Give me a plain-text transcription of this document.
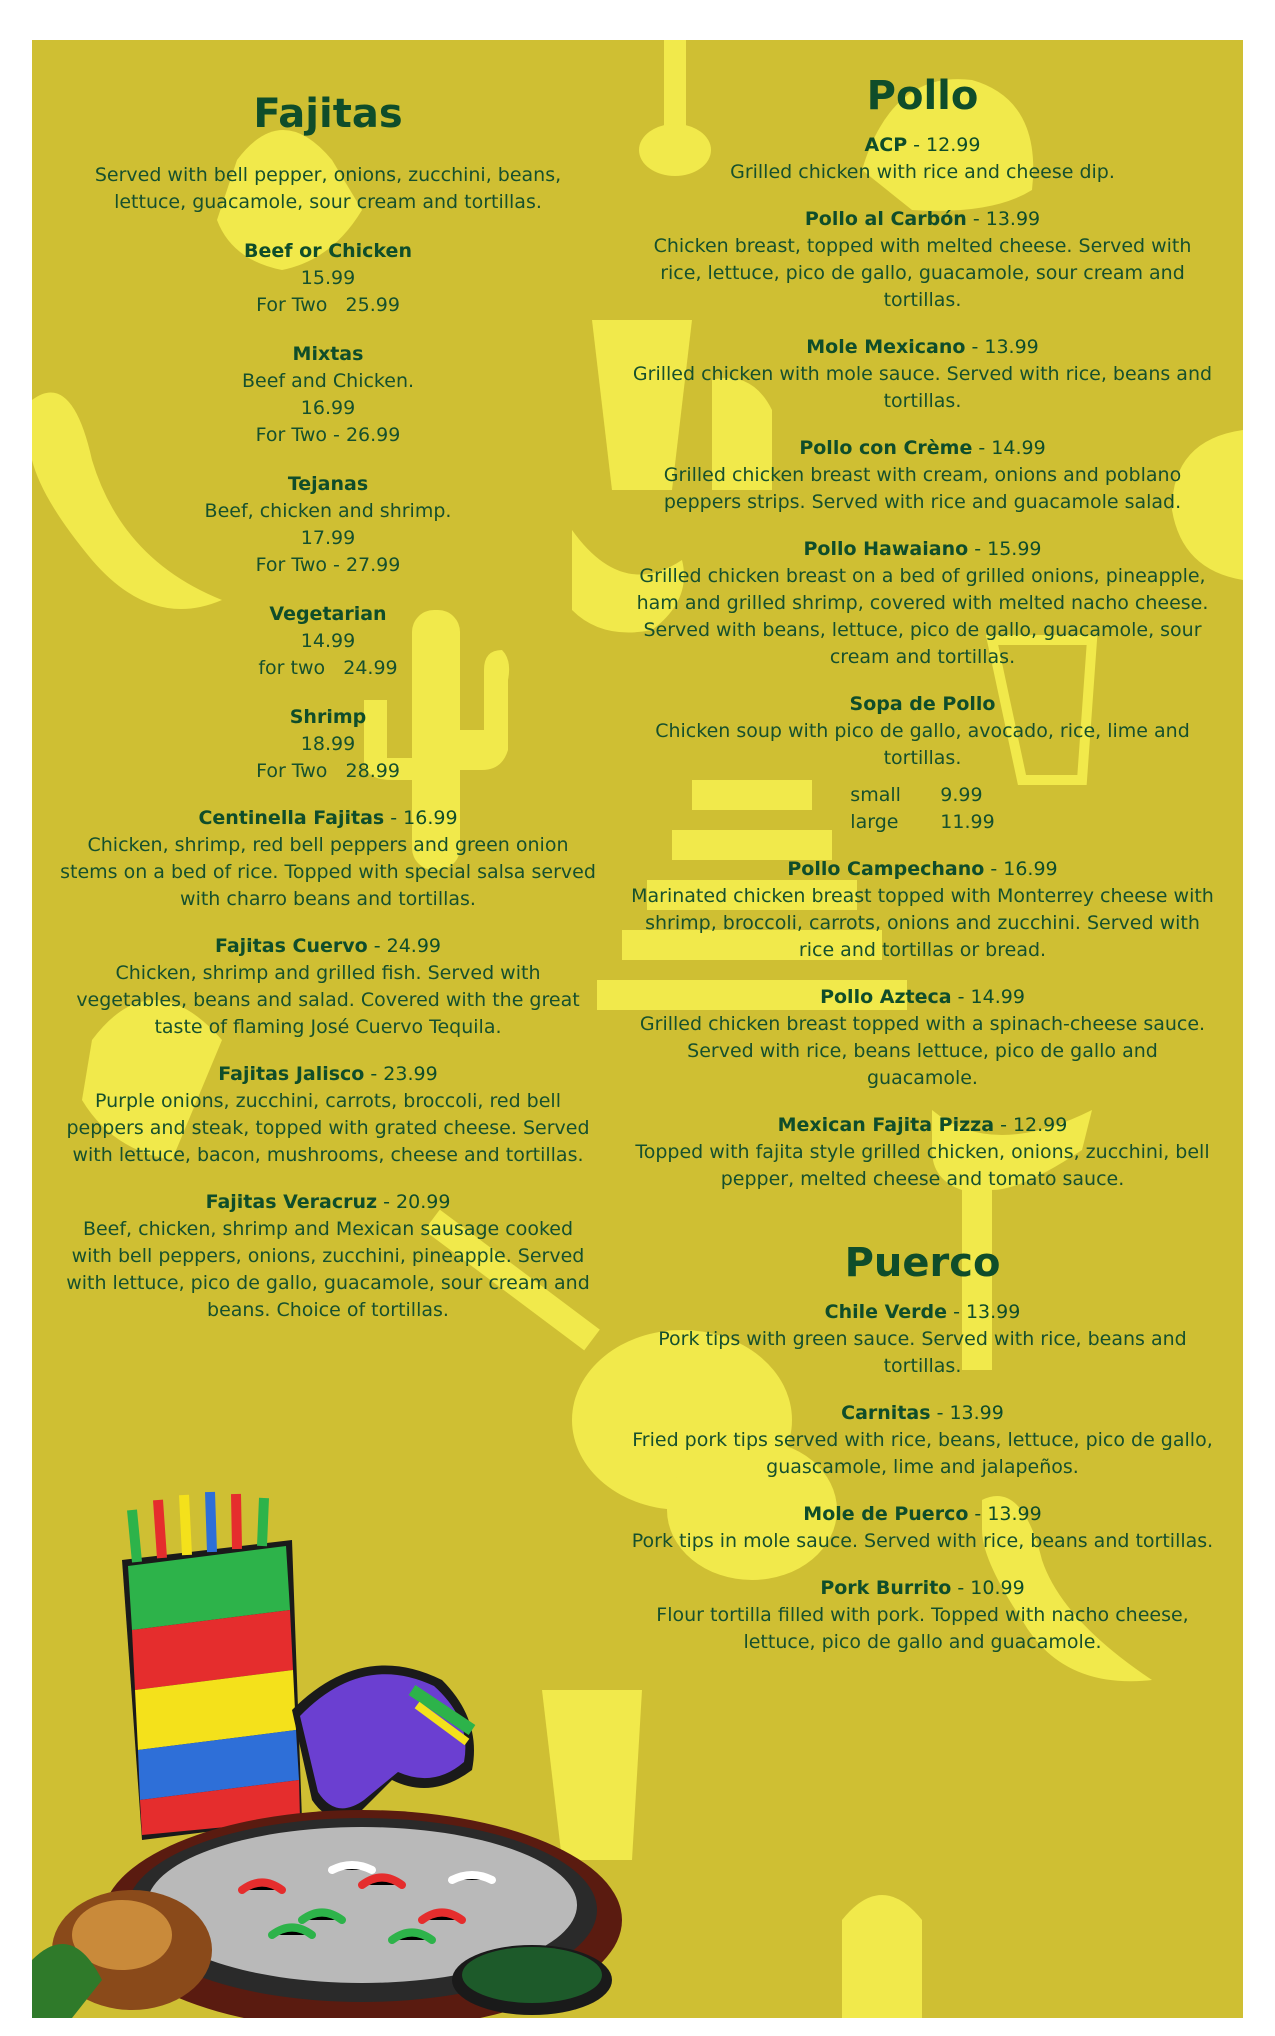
Fajitas
Served with bell pepper, onions, zucchini, beans, lettuce, guacamole, sour cream and tortillas.
Beef or Chicken
15.99
For Two   25.99
Mixtas
Beef and Chicken.
16.99
For Two - 26.99
Tejanas
Beef, chicken and shrimp.
17.99
For Two - 27.99
Vegetarian
14.99
for two   24.99
Shrimp
18.99
For Two   28.99
Centinella Fajitas - 16.99
Chicken, shrimp, red bell peppers and green onion stems on a bed of rice. Topped with special salsa served with charro beans and tortillas.
Fajitas Cuervo - 24.99
Chicken, shrimp and grilled fish. Served with vegetables, beans and salad. Covered with the great taste of flaming José Cuervo Tequila.
Fajitas Jalisco - 23.99
Purple onions, zucchini, carrots, broccoli, red bell peppers and steak, topped with grated cheese. Served with lettuce, bacon, mushrooms, cheese and tortillas.
Fajitas Veracruz - 20.99
Beef, chicken, shrimp and Mexican sausage cooked with bell peppers, onions, zucchini, pineapple. Served with lettuce, pico de gallo, guacamole, sour cream and beans. Choice of tortillas.
Pollo
ACP - 12.99
Grilled chicken with rice and cheese dip.
Pollo al Carbón - 13.99
Chicken breast, topped with melted cheese. Served with rice, lettuce, pico de gallo, guacamole, sour cream and tortillas.
Mole Mexicano - 13.99
Grilled chicken with mole sauce. Served with rice, beans and tortillas.
Pollo con Crème - 14.99
Grilled chicken breast with cream, onions and poblano peppers strips. Served with rice and guacamole salad.
Pollo Hawaiano - 15.99
Grilled chicken breast on a bed of grilled onions, pineapple, ham and grilled shrimp, covered with melted nacho cheese. Served with beans, lettuce, pico de gallo, guacamole, sour cream and tortillas.
Sopa de Pollo
Chicken soup with pico de gallo, avocado, rice, lime and tortillas.
small 9.99
large 11.99
Pollo Campechano - 16.99
Marinated chicken breast topped with Monterrey cheese with shrimp, broccoli, carrots, onions and zucchini. Served with rice and tortillas or bread.
Pollo Azteca - 14.99
Grilled chicken breast topped with a spinach-cheese sauce. Served with rice, beans lettuce, pico de gallo and guacamole.
Mexican Fajita Pizza - 12.99
Topped with fajita style grilled chicken, onions, zucchini, bell pepper, melted cheese and tomato sauce.
Puerco
Chile Verde - 13.99
Pork tips with green sauce. Served with rice, beans and tortillas.
Carnitas - 13.99
Fried pork tips served with rice, beans, lettuce, pico de gallo, guascamole, lime and jalapeños.
Mole de Puerco - 13.99
Pork tips in mole sauce. Served with rice, beans and tortillas.
Pork Burrito - 10.99
Flour tortilla filled with pork. Topped with nacho cheese, lettuce, pico de gallo and guacamole.
